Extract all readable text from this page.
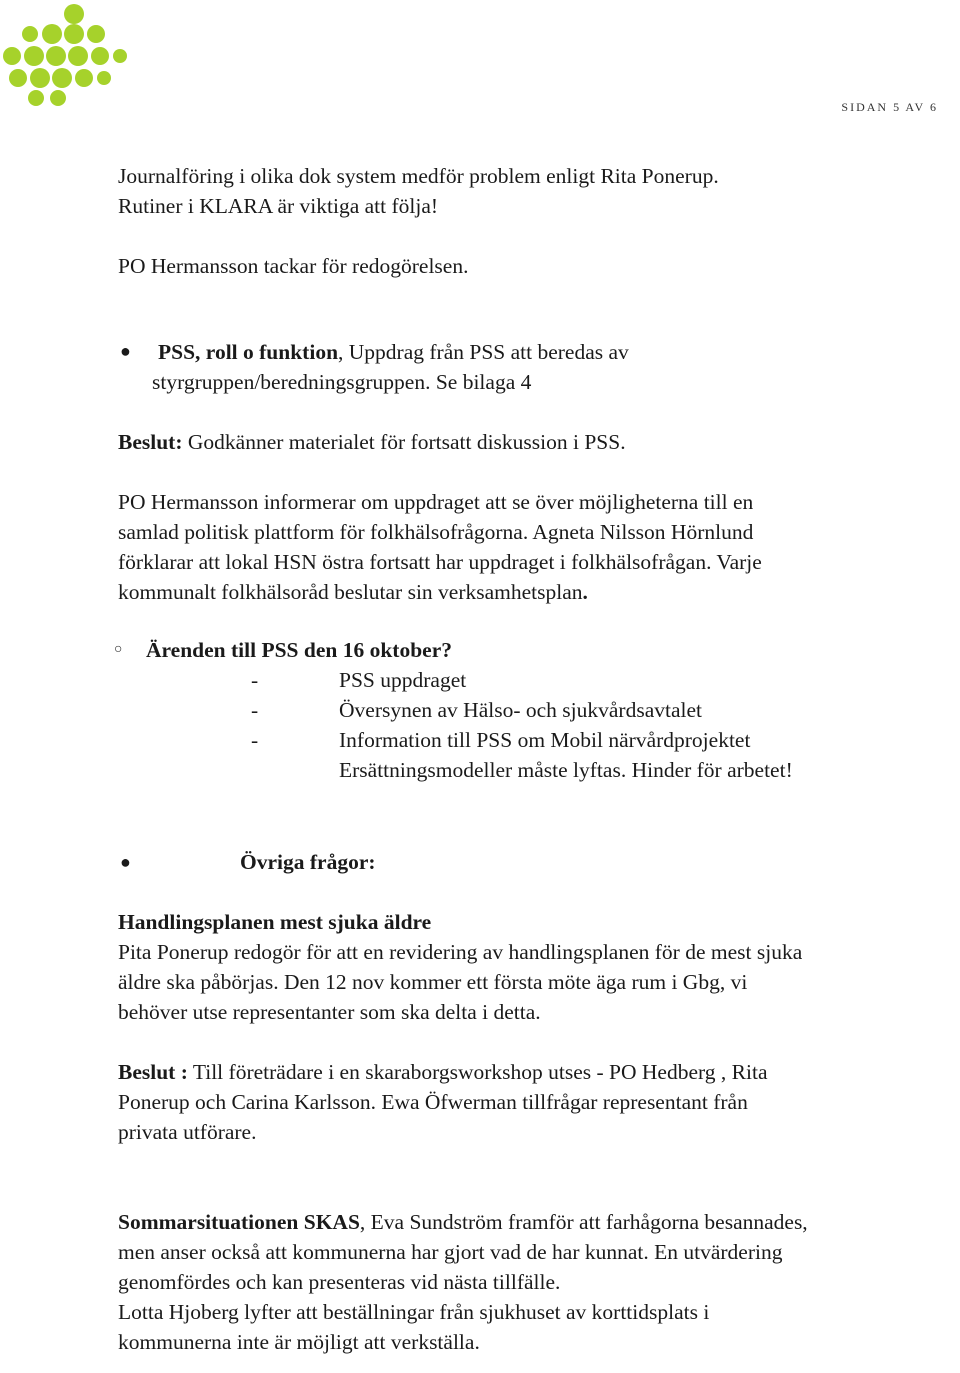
SIDAN 5 AV 6

Journalföring i olika dok system medför problem enligt Rita Ponerup.
Rutiner i KLARA är viktiga att följa!

PO Hermansson tackar för redogörelsen.

● PSS, roll o funktion, Uppdrag från PSS att beredas av
styrgruppen/beredningsgruppen. Se bilaga 4

Beslut: Godkänner materialet för fortsatt diskussion i PSS.

PO Hermansson informerar om uppdraget att se över möjligheterna till en
samlad politisk plattform för folkhälsofrågorna. Agneta Nilsson Hörnlund
förklarar att lokal HSN östra fortsatt har uppdraget i folkhälsofrågan. Varje
kommunalt folkhälsoråd beslutar sin verksamhetsplan.

○ Ärenden till PSS den 16 oktober?
-	PSS uppdraget
-	Översynen av Hälso- och sjukvårdsavtalet
-	Information till PSS om Mobil närvårdprojektet
Ersättningsmodeller måste lyftas. Hinder för arbetet!
●	Övriga frågor:

Handlingsplanen mest sjuka äldre
Pita Ponerup redogör för att en revidering av handlingsplanen för de mest sjuka
äldre ska påbörjas. Den 12 nov kommer ett första möte äga rum i Gbg, vi
behöver utse representanter som ska delta i detta.

Beslut : Till företrädare i en skaraborgsworkshop utses - PO Hedberg , Rita
Ponerup och Carina Karlsson. Ewa Öfwerman tillfrågar representant från
privata utförare.

Sommarsituationen SKAS, Eva Sundström framför att farhågorna besannades,
men anser också att kommunerna har gjort vad de har kunnat. En utvärdering
genomfördes och kan presenteras vid nästa tillfälle.
Lotta Hjoberg lyfter att beställningar från sjukhuset av korttidsplats i
kommunerna inte är möjligt att verkställa.
